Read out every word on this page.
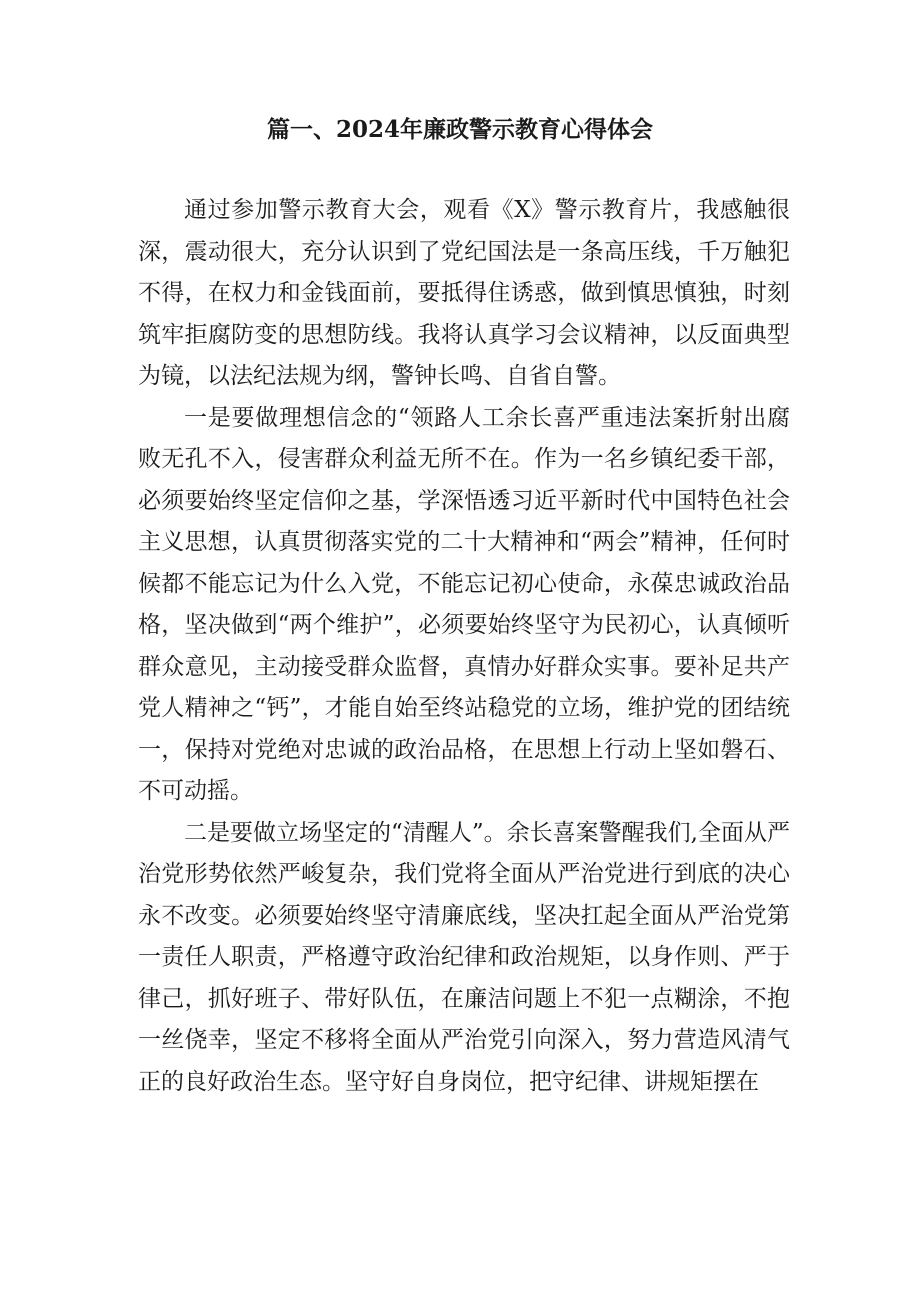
篇一、2024年廉政警示教育心得体会

通过参加警示教育大会，观看《X》警示教育片，我感触很深，震动很大，充分认识到了党纪国法是一条高压线，千万触犯不得，在权力和金钱面前，要抵得住诱惑，做到慎思慎独，时刻筑牢拒腐防变的思想防线。我将认真学习会议精神，以反面典型为镜，以法纪法规为纲，警钟长鸣、自省自警。

一是要做理想信念的“领路人工余长喜严重违法案折射出腐败无孔不入，侵害群众利益无所不在。作为一名乡镇纪委干部，必须要始终坚定信仰之基，学深悟透习近平新时代中国特色社会主义思想，认真贯彻落实党的二十大精神和“两会”精神，任何时候都不能忘记为什么入党，不能忘记初心使命，永葆忠诚政治品格，坚决做到“两个维护”，必须要始终坚守为民初心，认真倾听群众意见，主动接受群众监督，真情办好群众实事。要补足共产党人精神之“钙”，才能自始至终站稳党的立场，维护党的团结统一，保持对党绝对忠诚的政治品格，在思想上行动上坚如磐石、不可动摇。

二是要做立场坚定的“清醒人”。余长喜案警醒我们,全面从严治党形势依然严峻复杂，我们党将全面从严治党进行到底的决心永不改变。必须要始终坚守清廉底线，坚决扛起全面从严治党第一责任人职责，严格遵守政治纪律和政治规矩，以身作则、严于律己，抓好班子、带好队伍，在廉洁问题上不犯一点糊涂，不抱一丝侥幸，坚定不移将全面从严治党引向深入，努力营造风清气正的良好政治生态。坚守好自身岗位，把守纪律、讲规矩摆在
